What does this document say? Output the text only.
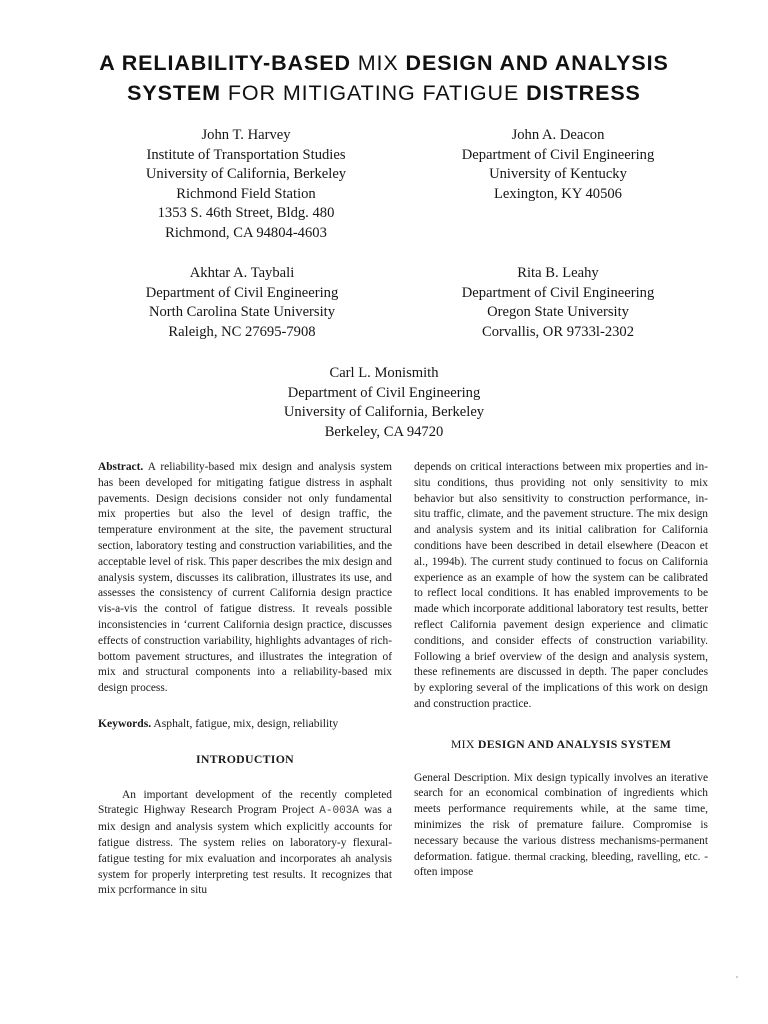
A RELIABILITY-BASED MIX DESIGN AND ANALYSIS
SYSTEM FOR MITIGATING FATIGUE DISTRESS
John T. Harvey
Institute of Transportation Studies
University of California, Berkeley
Richmond Field Station
1353 S. 46th Street, Bldg. 480
Richmond, CA 94804-4603
John A. Deacon
Department of Civil Engineering
University of Kentucky
Lexington, KY 40506
Akhtar A. Taybali
Department of Civil Engineering
North Carolina State University
Raleigh, NC 27695-7908
Rita B. Leahy
Department of Civil Engineering
Oregon State University
Corvallis, OR 9733l-2302
Carl L. Monismith
Department of Civil Engineering
University of California, Berkeley
Berkeley, CA 94720

Abstract. A reliability-based mix design and analysis system has been developed for mitigating fatigue distress in asphalt pavements. Design decisions consider not only fundamental mix properties but also the level of design traffic, the temperature environment at the site, the pavement structural section, laboratory testing and construction variabilities, and the acceptable level of risk. This paper describes the mix design and analysis system, discusses its calibration, illustrates its use, and assesses the consistency of current California design practice vis-a-vis the control of fatigue distress. It reveals possible inconsistencies in ‘current California design practice, discusses effects of construction variability, highlights advantages of rich-bottom pavement structures, and illustrates the integration of mix and structural components into a reliability-based mix design process.

Keywords. Asphalt, fatigue, mix, design, reliability

INTRODUCTION

An important development of the recently completed Strategic Highway Research Program Project A-003A was a mix design and analysis system which explicitly accounts for fatigue distress. The system relies on laboratory-y flexural-fatigue testing for mix evaluation and incorporates ah analysis system for properly interpreting test results. It recognizes that mix pcrformance in situ

depends on critical interactions between mix properties and in-situ conditions, thus providing not only sensitivity to mix behavior but also sensitivity to construction performance, in-situ traffic, climate, and the pavement structure. The mix design and analysis system and its initial calibration for California conditions have been described in detail elsewhere (Deacon et al., 1994b). The current study continued to focus on California experience as an example of how the system can be calibrated to reflect local conditions. It has enabled improvements to be made which incorporate additional laboratory test results, better reflect California pavement design experience and climatic conditions, and consider effects of construction variability. Following a brief overview of the design and analysis system, these refinements are discussed in depth. The paper concludes by exploring several of the implications of this work on design and construction practice.

MIX DESIGN AND ANALYSIS SYSTEM

General Description. Mix design typically involves an iterative search for an economical combination of ingredients which meets performance requirements while, at the same time, minimizes the risk of premature failure. Compromise is necessary because the various distress mechanisms-permanent deformation. fatigue. thermal cracking, bleeding, ravelling, etc. - often impose
